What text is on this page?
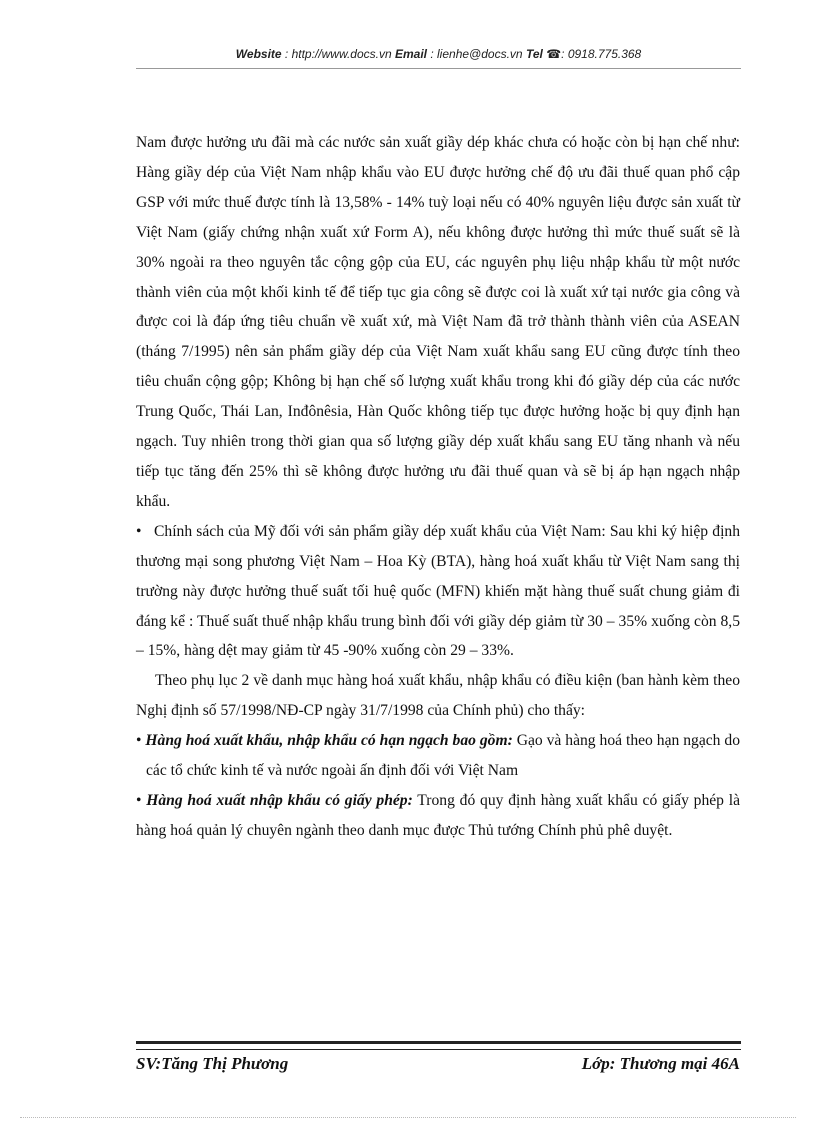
Website : http://www.docs.vn Email : lienhe@docs.vn Tel ☎: 0918.775.368

Nam được hưởng ưu đãi mà các nước sản xuất giầy dép khác chưa có hoặc còn bị hạn chế như: Hàng giầy dép của Việt Nam nhập khẩu vào EU được hưởng chế độ ưu đãi thuế quan phổ cập GSP với mức thuế được tính là 13,58% - 14% tuỳ loại nếu có 40% nguyên liệu được sản xuất từ Việt Nam (giấy chứng nhận xuất xứ Form A), nếu không được hưởng thì mức thuế suất sẽ là 30% ngoài ra theo nguyên tắc cộng gộp của EU, các nguyên phụ liệu nhập khẩu từ một nước thành viên của một khối kinh tế để tiếp tục gia công sẽ được coi là xuất xứ tại nước gia công và được coi là đáp ứng tiêu chuẩn về xuất xứ, mà Việt Nam đã trở thành thành viên của ASEAN (tháng 7/1995) nên sản phẩm giầy dép của Việt Nam xuất khẩu sang EU cũng được tính theo tiêu chuẩn cộng gộp; Không bị hạn chế số lượng xuất khẩu trong khi đó giầy dép của các nước Trung Quốc, Thái Lan, Inđônêsia, Hàn Quốc không tiếp tục được hưởng hoặc bị quy định hạn ngạch. Tuy nhiên trong thời gian qua số lượng giầy dép xuất khẩu sang EU tăng nhanh và nếu tiếp tục tăng đến 25% thì sẽ không được hưởng ưu đãi thuế quan và sẽ bị áp hạn ngạch nhập khẩu.

• Chính sách của Mỹ đối với sản phẩm giầy dép xuất khẩu của Việt Nam: Sau khi ký hiệp định thương mại song phương Việt Nam – Hoa Kỳ (BTA), hàng hoá xuất khẩu từ Việt Nam sang thị trường này được hưởng thuế suất tối huệ quốc (MFN) khiến mặt hàng thuế suất chung giảm đi đáng kể : Thuế suất thuế nhập khẩu trung bình đối với giầy dép giảm từ 30 – 35% xuống còn 8,5 – 15%, hàng dệt may giảm từ 45 -90% xuống còn 29 – 33%.

Theo phụ lục 2 về danh mục hàng hoá xuất khẩu, nhập khẩu có điều kiện (ban hành kèm theo Nghị định số 57/1998/NĐ-CP ngày 31/7/1998 của Chính phủ) cho thấy:

• Hàng hoá xuất khẩu, nhập khẩu có hạn ngạch bao gồm: Gạo và hàng hoá theo hạn ngạch do các tổ chức kinh tế và nước ngoài ấn định đối với Việt Nam

• Hàng hoá xuất nhập khẩu có giấy phép: Trong đó quy định hàng xuất khẩu có giấy phép là hàng hoá quản lý chuyên ngành theo danh mục được Thủ tướng Chính phủ phê duyệt.

SV:Tăng Thị Phương	Lớp: Thương mại 46A
